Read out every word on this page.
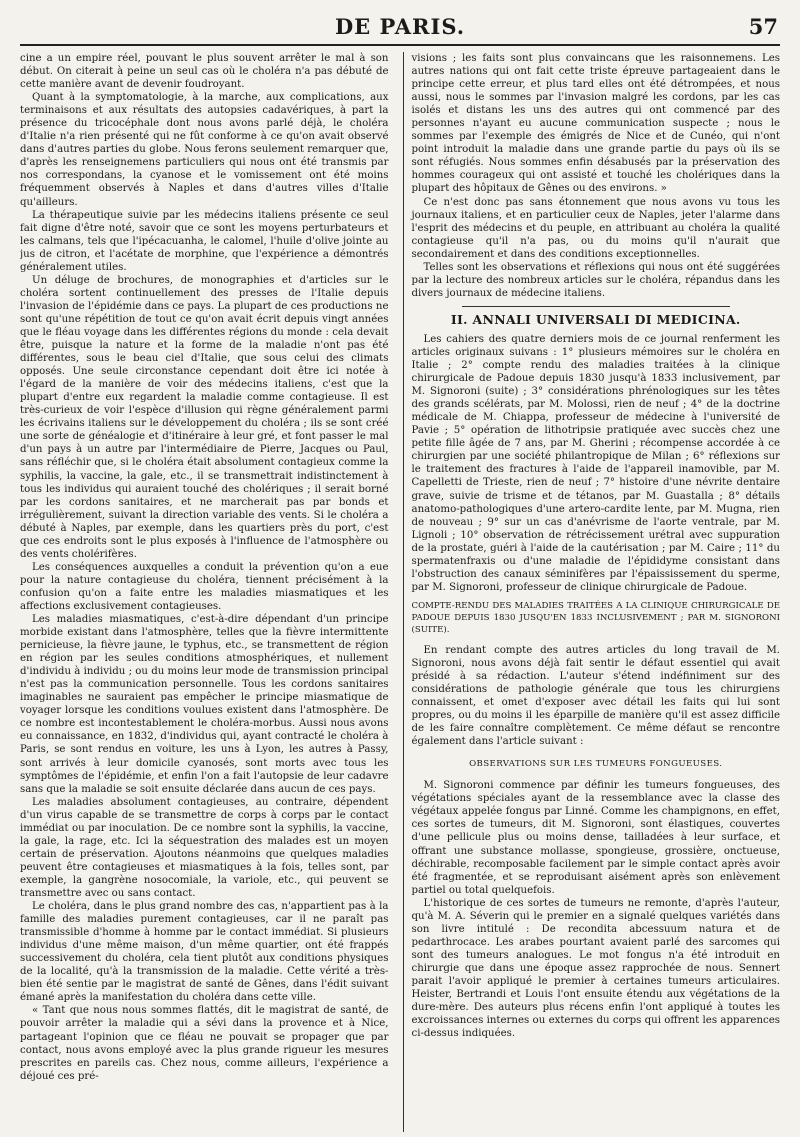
DE PARIS.	57

cine a un empire réel, pouvant le plus souvent arrêter le mal à son début. On citerait à peine un seul cas où le choléra n'a pas débuté de cette manière avant de devenir foudroyant.

Quant à la symptomatologie, à la marche, aux complications, aux terminaisons et aux résultats des autopsies cadavériques, à part la présence du tricocéphale dont nous avons parlé déjà, le choléra d'Italie n'a rien présenté qui ne fût conforme à ce qu'on avait observé dans d'autres parties du globe. Nous ferons seulement remarquer que, d'après les renseignemens particuliers qui nous ont été transmis par nos correspondans, la cyanose et le vomissement ont été moins fréquemment observés à Naples et dans d'autres villes d'Italie qu'ailleurs.

La thérapeutique suivie par les médecins italiens présente ce seul fait digne d'être noté, savoir que ce sont les moyens perturbateurs et les calmans, tels que l'ipécacuanha, le calomel, l'huile d'olive jointe au jus de citron, et l'acétate de morphine, que l'expérience a démontrés généralement utiles.

Un déluge de brochures, de monographies et d'articles sur le choléra sortent continuellement des presses de l'Italie depuis l'invasion de l'épidémie dans ce pays. La plupart de ces productions ne sont qu'une répétition de tout ce qu'on avait écrit depuis vingt années que le fléau voyage dans les différentes régions du monde : cela devait être, puisque la nature et la forme de la maladie n'ont pas été différentes, sous le beau ciel d'Italie, que sous celui des climats opposés. Une seule circonstance cependant doit être ici notée à l'égard de la manière de voir des médecins italiens, c'est que la plupart d'entre eux regardent la maladie comme contagieuse. Il est très-curieux de voir l'espèce d'illusion qui règne généralement parmi les écrivains italiens sur le développement du choléra ; ils se sont créé une sorte de généalogie et d'itinéraire à leur gré, et font passer le mal d'un pays à un autre par l'intermédiaire de Pierre, Jacques ou Paul, sans réfléchir que, si le choléra était absolument contagieux comme la syphilis, la vaccine, la gale, etc., il se transmettrait indistinctement à tous les individus qui auraient touché des cholériques ; il serait borné par les cordons sanitaires, et ne marcherait pas par bonds et irrégulièrement, suivant la direction variable des vents. Si le choléra a débuté à Naples, par exemple, dans les quartiers près du port, c'est que ces endroits sont le plus exposés à l'influence de l'atmosphère ou des vents cholérifères.

Les conséquences auxquelles a conduit la prévention qu'on a eue pour la nature contagieuse du choléra, tiennent précisément à la confusion qu'on a faite entre les maladies miasmatiques et les affections exclusivement contagieuses.

Les maladies miasmatiques, c'est-à-dire dépendant d'un principe morbide existant dans l'atmosphère, telles que la fièvre intermittente pernicieuse, la fièvre jaune, le typhus, etc., se transmettent de région en région par les seules conditions atmosphériques, et nullement d'individu à individu ; ou du moins leur mode de transmission principal n'est pas la communication personnelle. Tous les cordons sanitaires imaginables ne sauraient pas empêcher le principe miasmatique de voyager lorsque les conditions voulues existent dans l'atmosphère. De ce nombre est incontestablement le choléra-morbus. Aussi nous avons eu connaissance, en 1832, d'individus qui, ayant contracté le choléra à Paris, se sont rendus en voiture, les uns à Lyon, les autres à Passy, sont arrivés à leur domicile cyanosés, sont morts avec tous les symptômes de l'épidémie, et enfin l'on a fait l'autopsie de leur cadavre sans que la maladie se soit ensuite déclarée dans aucun de ces pays.

Les maladies absolument contagieuses, au contraire, dépendent d'un virus capable de se transmettre de corps à corps par le contact immédiat ou par inoculation. De ce nombre sont la syphilis, la vaccine, la gale, la rage, etc. Ici la séquestration des malades est un moyen certain de préservation. Ajoutons néanmoins que quelques maladies peuvent être contagieuses et miasmatiques à la fois, telles sont, par exemple, la gangrène nosocomiale, la variole, etc., qui peuvent se transmettre avec ou sans contact.

Le choléra, dans le plus grand nombre des cas, n'appartient pas à la famille des maladies purement contagieuses, car il ne paraît pas transmissible d'homme à homme par le contact immédiat. Si plusieurs individus d'une même maison, d'un même quartier, ont été frappés successivement du choléra, cela tient plutôt aux conditions physiques de la localité, qu'à la transmission de la maladie. Cette vérité a très-bien été sentie par le magistrat de santé de Gênes, dans l'édit suivant émané après la manifestation du choléra dans cette ville.

« Tant que nous nous sommes flattés, dit le magistrat de santé, de pouvoir arrêter la maladie qui a sévi dans la provence et à Nice, partageant l'opinion que ce fléau ne pouvait se propager que par contact, nous avons employé avec la plus grande rigueur les mesures prescrites en pareils cas. Chez nous, comme ailleurs, l'expérience a déjoué ces pré-

visions ; les faits sont plus convaincans que les raisonnemens. Les autres nations qui ont fait cette triste épreuve partageaient dans le principe cette erreur, et plus tard elles ont été détrompées, et nous aussi, nous le sommes par l'invasion malgré les cordons, par les cas isolés et distans les uns des autres qui ont commencé par des personnes n'ayant eu aucune communication suspecte ; nous le sommes par l'exemple des émigrés de Nice et de Cunéo, qui n'ont point introduit la maladie dans une grande partie du pays où ils se sont réfugiés. Nous sommes enfin désabusés par la préservation des hommes courageux qui ont assisté et touché les cholériques dans la plupart des hôpitaux de Gênes ou des environs. »

Ce n'est donc pas sans étonnement que nous avons vu tous les journaux italiens, et en particulier ceux de Naples, jeter l'alarme dans l'esprit des médecins et du peuple, en attribuant au choléra la qualité contagieuse qu'il n'a pas, ou du moins qu'il n'aurait que secondairement et dans des conditions exceptionnelles.

Telles sont les observations et réflexions qui nous ont été suggérées par la lecture des nombreux articles sur le choléra, répandus dans les divers journaux de médecine italiens.

II. ANNALI UNIVERSALI DI MEDICINA.

Les cahiers des quatre derniers mois de ce journal renferment les articles originaux suivans : 1° plusieurs mémoires sur le choléra en Italie ; 2° compte rendu des maladies traitées à la clinique chirurgicale de Padoue depuis 1830 jusqu'à 1833 inclusivement, par M. Signoroni (suite) ; 3° considérations phrénologiques sur les têtes des grands scélérats, par M. Molossi, rien de neuf ; 4° de la doctrine médicale de M. Chiappa, professeur de médecine à l'université de Pavie ; 5° opération de lithotripsie pratiquée avec succès chez une petite fille âgée de 7 ans, par M. Gherini ; récompense accordée à ce chirurgien par une société philantropique de Milan ; 6° réflexions sur le traitement des fractures à l'aide de l'appareil inamovible, par M. Capelletti de Trieste, rien de neuf ; 7° histoire d'une névrite dentaire grave, suivie de trisme et de tétanos, par M. Guastalla ; 8° détails anatomo-pathologiques d'une artero-cardite lente, par M. Mugna, rien de nouveau ; 9° sur un cas d'anévrisme de l'aorte ventrale, par M. Lignoli ; 10° observation de rétrécissement urétral avec suppuration de la prostate, guéri à l'aide de la cautérisation ; par M. Caire ; 11° du spermatenfraxis ou d'une maladie de l'épididyme consistant dans l'obstruction des canaux séminifères par l'épaississement du sperme, par M. Signoroni, professeur de clinique chirurgicale de Padoue.

COMPTE-RENDU DES MALADIES TRAITÉES A LA CLINIQUE CHIRURGICALE DE PADOUE DEPUIS 1830 JUSQU'EN 1833 INCLUSIVEMENT ; PAR M. SIGNORONI (SUITE).

En rendant compte des autres articles du long travail de M. Signoroni, nous avons déjà fait sentir le défaut essentiel qui avait présidé à sa rédaction. L'auteur s'étend indéfiniment sur des considérations de pathologie générale que tous les chirurgiens connaissent, et omet d'exposer avec détail les faits qui lui sont propres, ou du moins il les éparpille de manière qu'il est assez difficile de les faire connaître complètement. Ce même défaut se rencontre également dans l'article suivant :

OBSERVATIONS SUR LES TUMEURS FONGUEUSES.

M. Signoroni commence par définir les tumeurs fongueuses, des végétations spéciales ayant de la ressemblance avec la classe des végétaux appelée fongus par Linné. Comme les champignons, en effet, ces sortes de tumeurs, dit M. Signoroni, sont élastiques, couvertes d'une pellicule plus ou moins dense, tailladées à leur surface, et offrant une substance mollasse, spongieuse, grossière, onctueuse, déchirable, recomposable facilement par le simple contact après avoir été fragmentée, et se reproduisant aisément après son enlèvement partiel ou total quelquefois.

L'historique de ces sortes de tumeurs ne remonte, d'après l'auteur, qu'à M. A. Séverin qui le premier en a signalé quelques variétés dans son livre intitulé : De recondita abcessuum natura et de pedarthrocace. Les arabes pourtant avaient parlé des sarcomes qui sont des tumeurs analogues. Le mot fongus n'a été introduit en chirurgie que dans une époque assez rapprochée de nous. Sennert parait l'avoir appliqué le premier à certaines tumeurs articulaires. Heister, Bertrandi et Louis l'ont ensuite étendu aux végétations de la dure-mère. Des auteurs plus récens enfin l'ont appliqué à toutes les excroissances internes ou externes du corps qui offrent les apparences ci-dessus indiquées.
